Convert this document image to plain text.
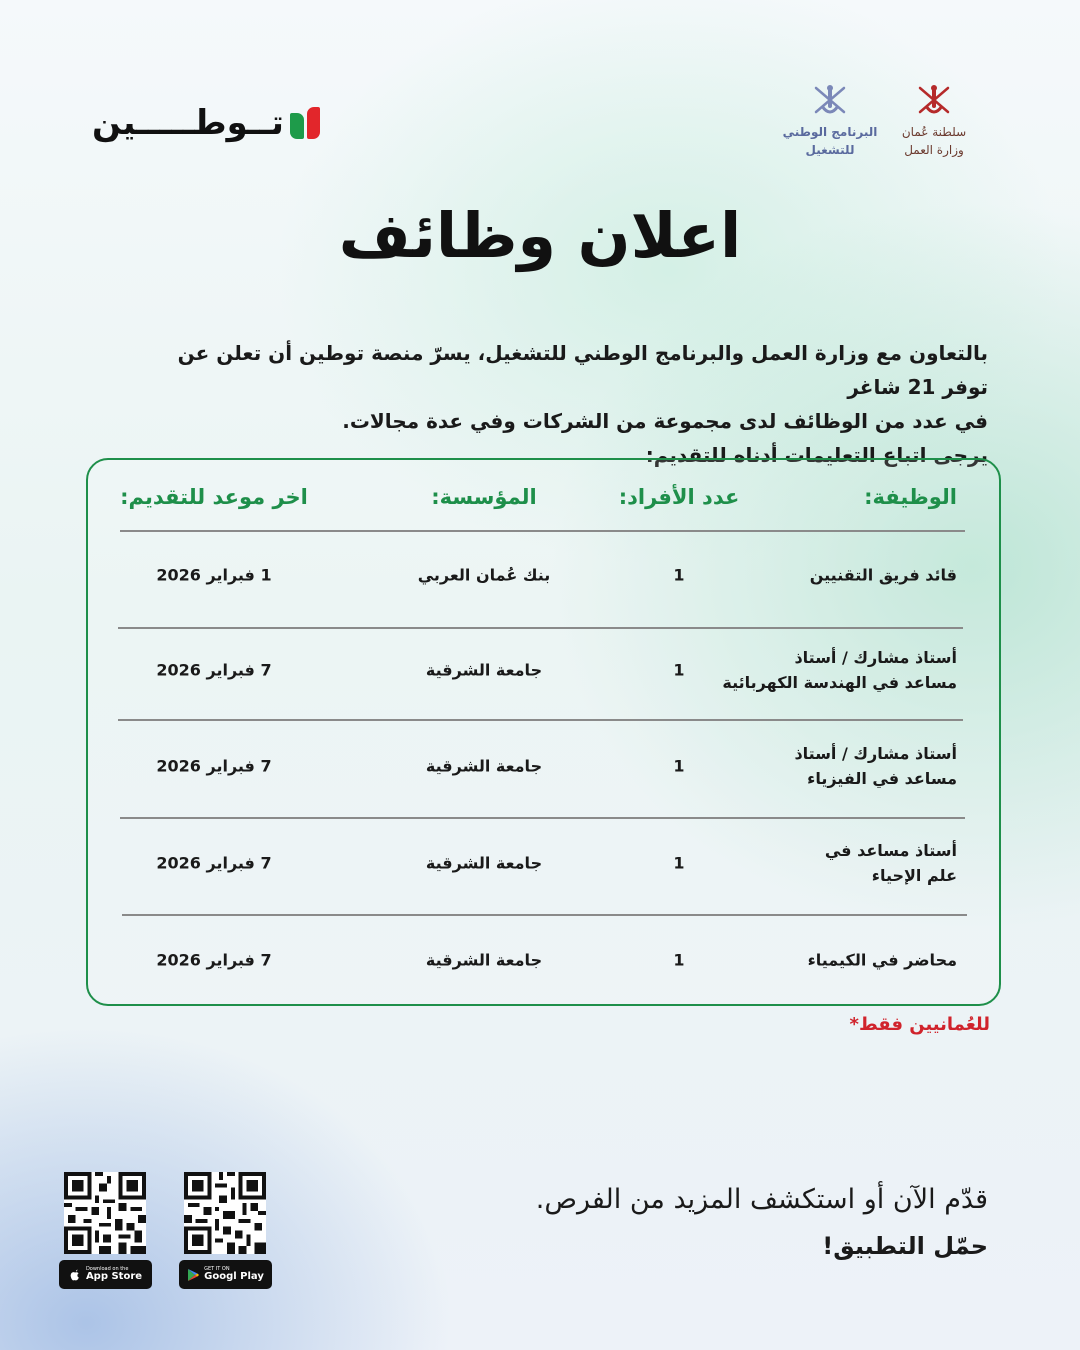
تــوطـــــين	سلطنة عُمان
وزارة العمل
البرنامج الوطني
للتشغيل
اعلان وظائف

بالتعاون مع وزارة العمل والبرنامج الوطني للتشغيل، يسرّ منصة توطين أن تعلن عن توفر 21 شاغر

في عدد من الوظائف لدى مجموعة من الشركات وفي عدة مجالات.

يرجى اتباع التعليمات أدناه للتقديم:

الوظيفة:
عدد الأفراد:
المؤسسة:
اخر موعد للتقديم:
قائد فريق التقنيين
1
بنك عُمان العربي
1 فبراير 2026
أستاذ مشارك / أستاذ
مساعد في الهندسة الكهربائية
1
جامعة الشرقية
7 فبراير 2026
أستاذ مشارك / أستاذ
مساعد في الفيزياء
1
جامعة الشرقية
7 فبراير 2026
أستاذ مساعد في
علم الإحياء
1
جامعة الشرقية
7 فبراير 2026
محاضر في الكيمياء
1
جامعة الشرقية
7 فبراير 2026
للعُمانيين فقط*
قدّم الآن أو استكشف المزيد من الفرص.
حمّل التطبيق!
Download on the
App Store
GET IT ON
Googl Play
